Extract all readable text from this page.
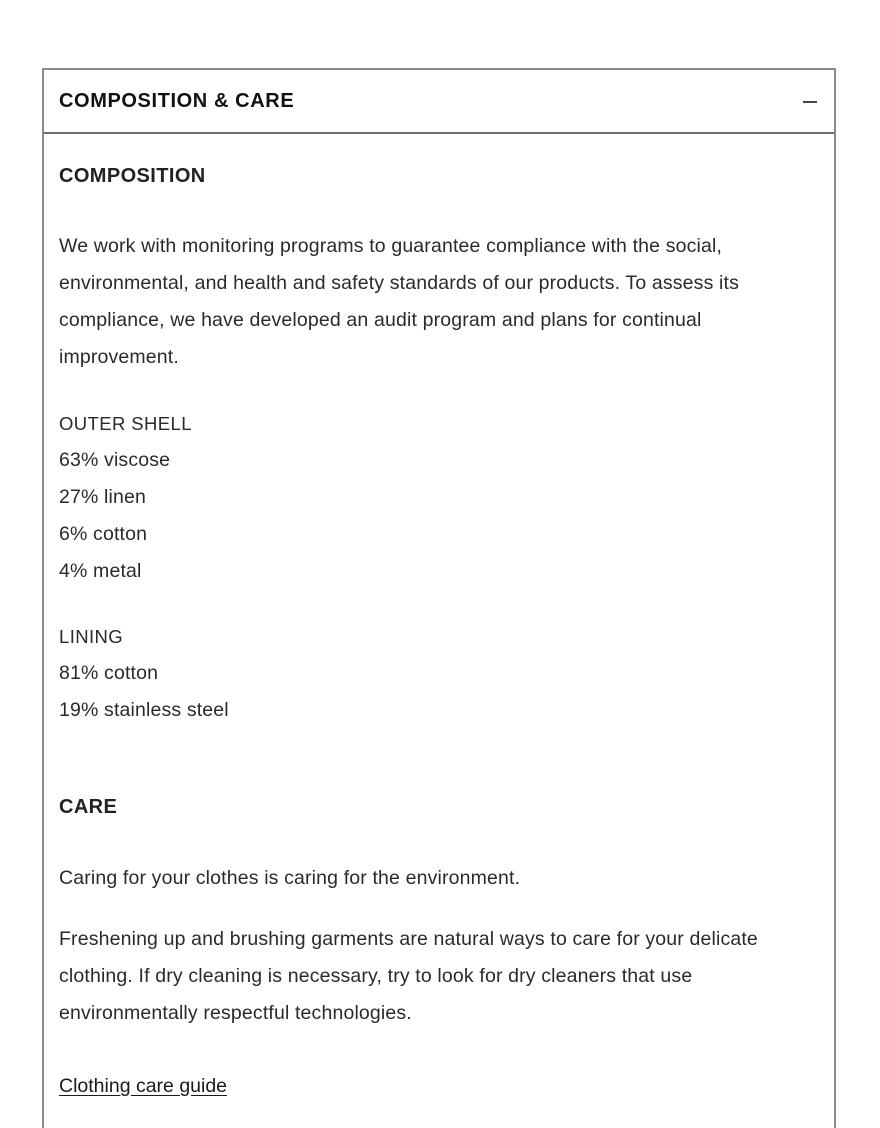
COMPOSITION & CARE
COMPOSITION

We work with monitoring programs to guarantee compliance with the social, environmental, and health and safety standards of our products. To assess its compliance, we have developed an audit program and plans for continual improvement.

OUTER SHELL
63% viscose
27% linen
6% cotton
4% metal
LINING
81% cotton
19% stainless steel
CARE

Caring for your clothes is caring for the environment.

Freshening up and brushing garments are natural ways to care for your delicate clothing. If dry cleaning is necessary, try to look for dry cleaners that use environmentally respectful technologies.

Clothing care guide
